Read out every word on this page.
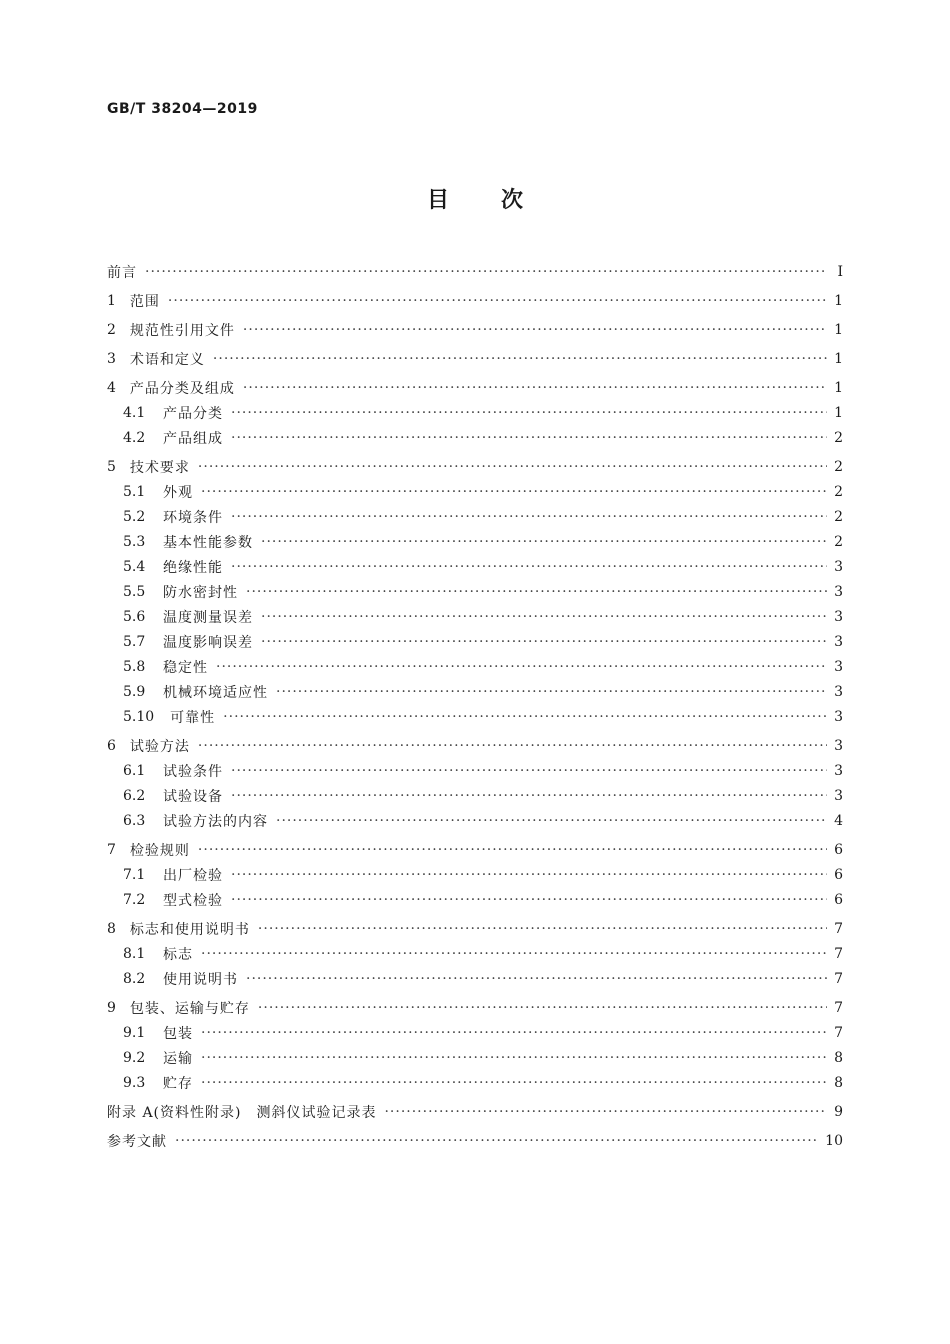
GB/T 38204—2019
目 次
前言 ·····	Ⅰ
1 范围 ·····	1
2 规范性引用文件 ·····	1
3 术语和定义 ·····	1
4 产品分类及组成 ·····	1
4.1 产品分类 ·····	1
4.2 产品组成 ·····	2
5 技术要求 ·····	2
5.1 外观 ·····	2
5.2 环境条件 ·····	2
5.3 基本性能参数 ·····	2
5.4 绝缘性能 ·····	3
5.5 防水密封性 ·····	3
5.6 温度测量误差 ·····	3
5.7 温度影响误差 ·····	3
5.8 稳定性 ·····	3
5.9 机械环境适应性 ·····	3
5.10 可靠性 ·····	3
6 试验方法 ·····	3
6.1 试验条件 ·····	3
6.2 试验设备 ·····	3
6.3 试验方法的内容 ·····	4
7 检验规则 ·····	6
7.1 出厂检验 ·····	6
7.2 型式检验 ·····	6
8 标志和使用说明书 ·····	7
8.1 标志 ·····	7
8.2 使用说明书 ·····	7
9 包装、运输与贮存 ·····	7
9.1 包装 ·····	7
9.2 运输 ·····	8
9.3 贮存 ·····	8
附录 A(资料性附录)　测斜仪试验记录表 ·····	9
参考文献 ·····	10
